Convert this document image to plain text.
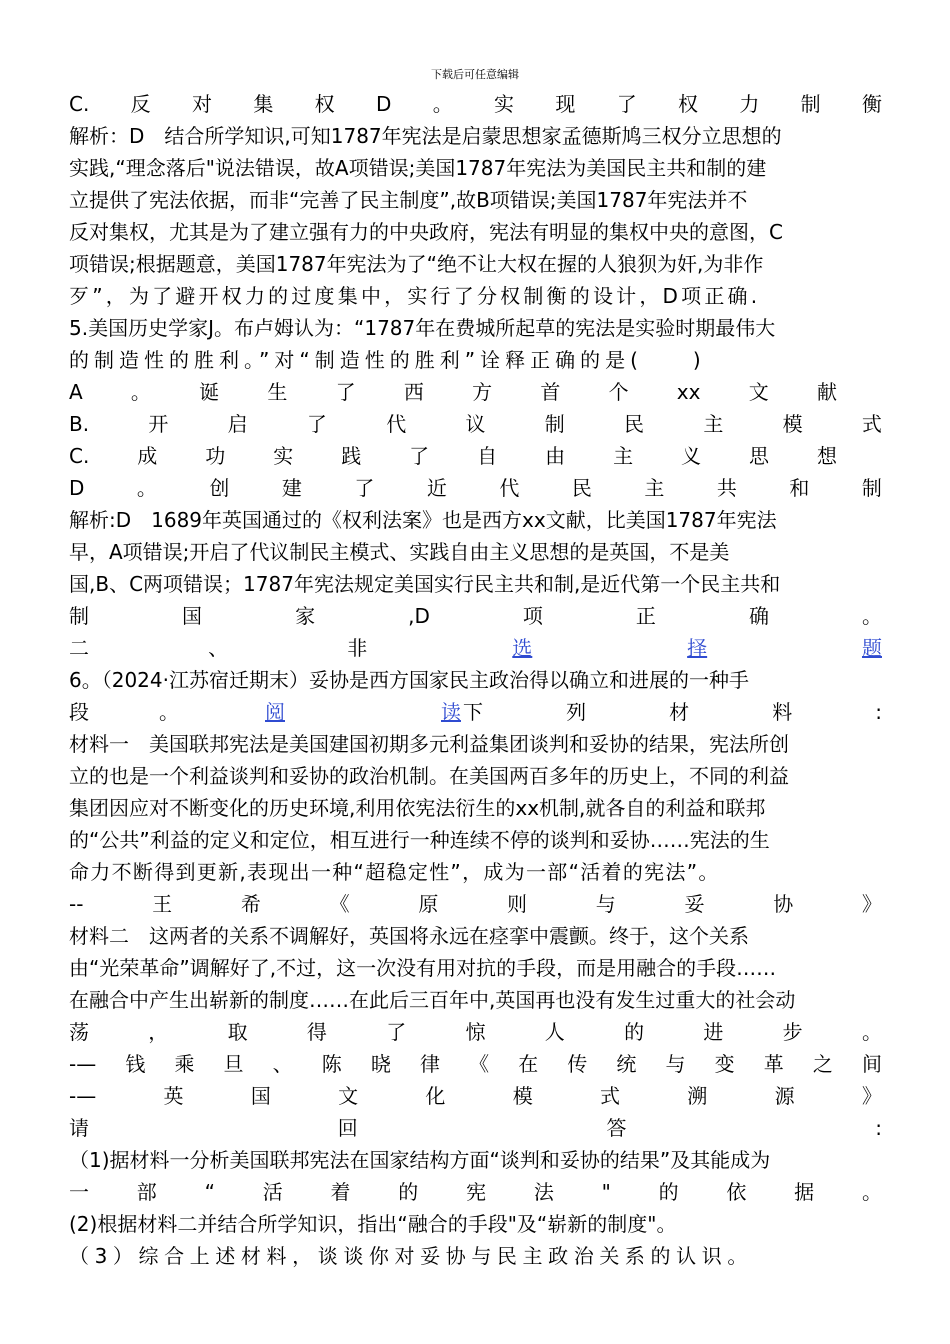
下载后可任意编辑
C. 反 对 集 权 D 。 实 现 了 权 力 制 衡
解析：D　结合所学知识,可知1787年宪法是启蒙思想家孟德斯鸠三权分立思想的
实践,“理念落后"说法错误，故A项错误;美国1787年宪法为美国民主共和制的建
立提供了宪法依据，而非“完善了民主制度”,故B项错误;美国1787年宪法并不
反对集权，尤其是为了建立强有力的中央政府，宪法有明显的集权中央的意图，C
项错误;根据题意，美国1787年宪法为了“绝不让大权在握的人狼狈为奸,为非作
歹”，为了避开权力的过度集中，实行了分权制衡的设计，D项正确.
5.美国历史学家J。布卢姆认为：“1787年在费城所起草的宪法是实验时期最伟大
的制造性的胜利。”对“制造性的胜利”诠释正确的是(　　)
A 。 诞 生 了 西 方 首 个 xx 文 献
B.	开	启	了	代	议	制	民	主	模	式
C. 成 功 实 践 了 自 由 主 义 思 想
D	。	创	建	了	近	代	民	主	共	和	制
解析:D　1689年英国通过的《权利法案》也是西方xx文献，比美国1787年宪法
早，A项错误;开启了代议制民主模式、实践自由主义思想的是英国，不是美
国,B、C两项错误；1787年宪法规定美国实行民主共和制,是近代第一个民主共和
制	国	家	,D	项	正	确	。
二	、	非	选	择	题
6。（2024·江苏宿迁期末）妥协是西方国家民主政治得以确立和进展的一种手
段	。	阅	读 下	列	材	料	:
材料一　美国联邦宪法是美国建国初期多元利益集团谈判和妥协的结果，宪法所创
立的也是一个利益谈判和妥协的政治机制。在美国两百多年的历史上，不同的利益
集团因应对不断变化的历史环境,利用依宪法衍生的xx机制,就各自的利益和联邦
的“公共”利益的定义和定位，相互进行一种连续不停的谈判和妥协……宪法的生
命力不断得到更新,表现出一种“超稳定性”，成为一部“活着的宪法”。
--	王	希	《	原	则	与	妥	协	》
材料二　这两者的关系不调解好，英国将永远在痉挛中震颤。终于，这个关系
由“光荣革命”调解好了,不过，这一次没有用对抗的手段，而是用融合的手段……
在融合中产生出崭新的制度……在此后三百年中,英国再也没有发生过重大的社会动
荡	，	取	得	了	惊	人	的	进	步	。
-— 钱 乘 旦 、 陈 晓 律 《 在 传 统 与 变 革 之 间
-—	英	国	文	化	模	式	溯	源	》
请	回	答	:
（1)据材料一分析美国联邦宪法在国家结构方面“谈判和妥协的结果”及其能成为
一 部 “ 活 着 的 宪 法 " 的 依 据 。
(2)根据材料二并结合所学知识，指出“融合的手段"及“崭新的制度"。
（3）综合上述材料，谈谈你对妥协与民主政治关系的认识。
